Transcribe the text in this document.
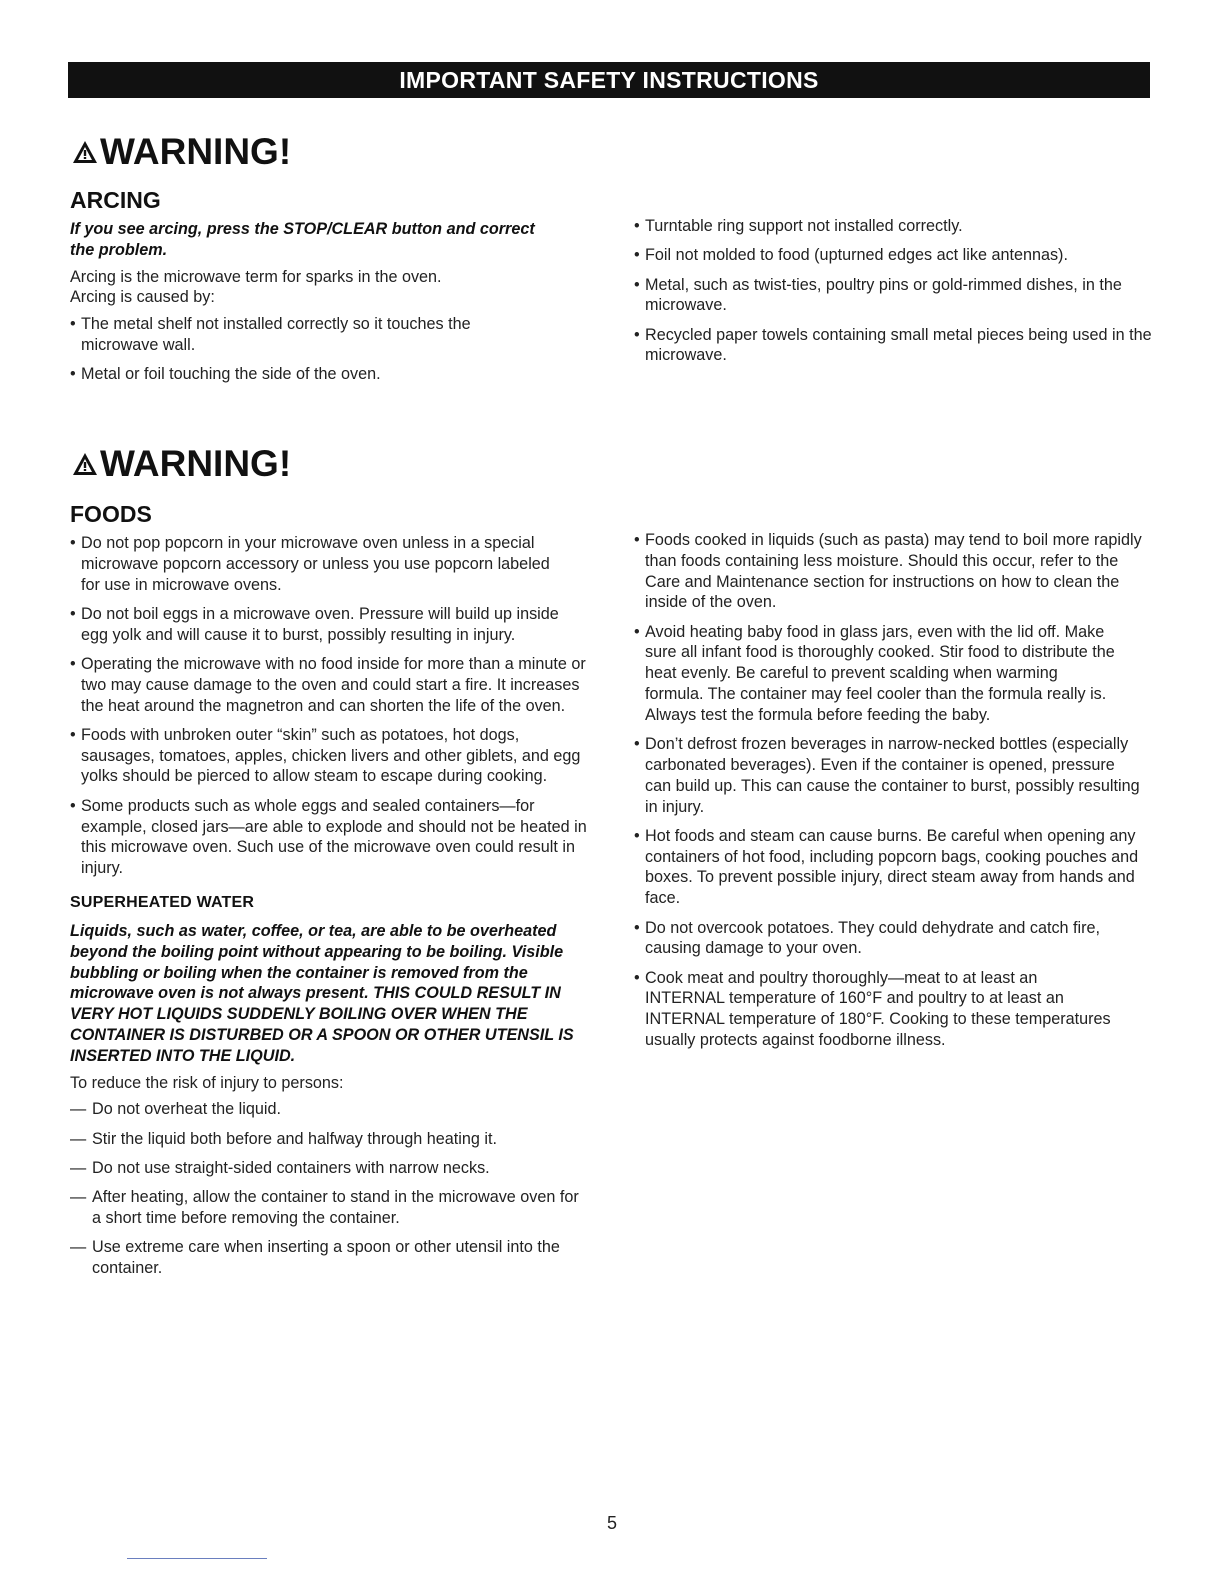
IMPORTANT SAFETY INSTRUCTIONS
WARNING!
ARCING
If you see arcing, press the STOP/CLEAR button and correct the problem.
Arcing is the microwave term for sparks in the oven.

Arcing is caused by:

• The metal shelf not installed correctly so it touches the microwave wall.
• Metal or foil touching the side of the oven.
• Turntable ring support not installed correctly.
• Foil not molded to food (upturned edges act like antennas).
• Metal, such as twist-ties, poultry pins or gold-rimmed dishes, in the microwave.
• Recycled paper towels containing small metal pieces being used in the microwave.
WARNING!
FOODS
• Do not pop popcorn in your microwave oven unless in a special microwave popcorn accessory or unless you use popcorn labeled for use in microwave ovens.
• Do not boil eggs in a microwave oven. Pressure will build up inside egg yolk and will cause it to burst, possibly resulting in injury.
• Operating the microwave with no food inside for more than a minute or two may cause damage to the oven and could start a fire. It increases the heat around the magnetron and can shorten the life of the oven.
• Foods with unbroken outer “skin” such as potatoes, hot dogs, sausages, tomatoes, apples, chicken livers and other giblets, and egg yolks should be pierced to allow steam to escape during cooking.
• Some products such as whole eggs and sealed containers—for example, closed jars—are able to explode and should not be heated in this microwave oven. Such use of the microwave oven could result in injury.
SUPERHEATED WATER
Liquids, such as water, coffee, or tea, are able to be overheated beyond the boiling point without appearing to be boiling. Visible bubbling or boiling when the container is removed from the microwave oven is not always present. THIS COULD RESULT IN VERY HOT LIQUIDS SUDDENLY BOILING OVER WHEN THE CONTAINER IS DISTURBED OR A SPOON OR OTHER UTENSIL IS INSERTED INTO THE LIQUID.

To reduce the risk of injury to persons:

— Do not overheat the liquid.
— Stir the liquid both before and halfway through heating it.
— Do not use straight-sided containers with narrow necks.
— After heating, allow the container to stand in the microwave oven for a short time before removing the container.
— Use extreme care when inserting a spoon or other utensil into the container.
• Foods cooked in liquids (such as pasta) may tend to boil more rapidly than foods containing less moisture. Should this occur, refer to the Care and Maintenance section for instructions on how to clean the inside of the oven.
• Avoid heating baby food in glass jars, even with the lid off. Make sure all infant food is thoroughly cooked. Stir food to distribute the heat evenly. Be careful to prevent scalding when warming formula. The container may feel cooler than the formula really is. Always test the formula before feeding the baby.
• Don’t defrost frozen beverages in narrow-necked bottles (especially carbonated beverages). Even if the container is opened, pressure can build up. This can cause the container to burst, possibly resulting in injury.
• Hot foods and steam can cause burns. Be careful when opening any containers of hot food, including popcorn bags, cooking pouches and boxes. To prevent possible injury, direct steam away from hands and face.
• Do not overcook potatoes. They could dehydrate and catch fire, causing damage to your oven.
• Cook meat and poultry thoroughly—meat to at least an INTERNAL temperature of 160°F and poultry to at least an INTERNAL temperature of 180°F. Cooking to these temperatures usually protects against foodborne illness.
5
